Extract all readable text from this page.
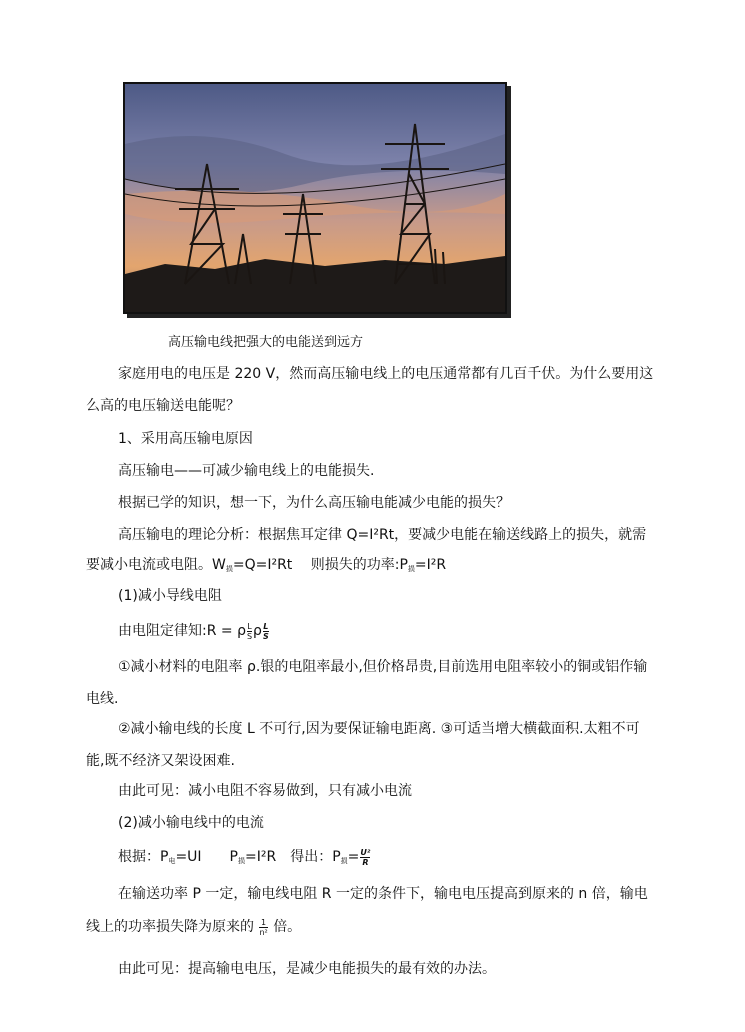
高压输电线把强大的电能送到远方
家庭用电的电压是 220 V，然而高压输电线上的电压通常都有几百千伏。为什么要用这
么高的电压输送电能呢？
1、采用高压输电原因
高压输电——可减少输电线上的电能损失.
根据已学的知识，想一下，为什么高压输电能减少电能的损失？
高压输电的理论分析：根据焦耳定律 Q=I²Rt，要减少电能在输送线路上的损失，就需
要减小电流或电阻。$W_损=Q=I^2Rt$　 则损失的功率$:P_损=I^2R$
(1)减小导线电阻
由电阻定律知:R = ρ $\frac{L}{S}$ ρ $\frac{L}{S}$
①减小材料的电阻率 ρ.银的电阻率最小,但价格昂贵,目前选用电阻率较小的铜或铝作输
电线.
②减小输电线的长度 L 不可行,因为要保证输电距离. ③可适当增大横截面积.太粗不可
能,既不经济又架设困难.
由此可见：减小电阻不容易做到，只有减小电流
(2)减小输电线中的电流
根据：$P_电=UI$　　$P_损=I^2R$　得出：$P_损= \frac{\text{U²}}{R}$
在输送功率 P 一定，输电线电阻 R 一定的条件下，输电电压提高到原来的 n 倍，输电
线上的功率损失降为原来的 $\frac{1}{\text{n²}}$ 倍。
由此可见：提高输电电压，是减少电能损失的最有效的办法。
